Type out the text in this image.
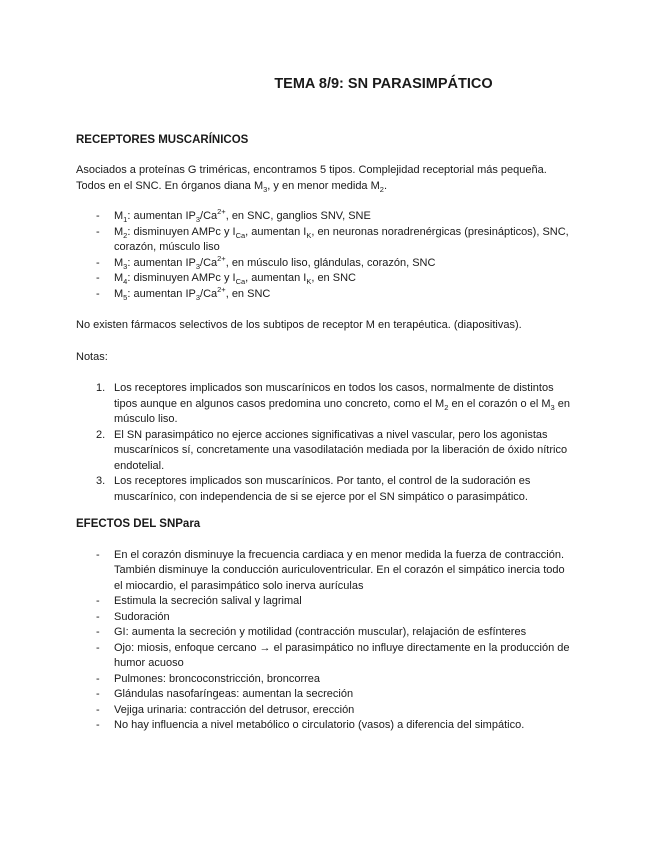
TEMA 8/9: SN PARASIMPÁTICO
RECEPTORES MUSCARÍNICOS

Asociados a proteínas G triméricas, encontramos 5 tipos. Complejidad receptorial más pequeña.

Todos en el SNC. En órganos diana $M_3$, y en menor medida $M_2$.

- $M_1$: aumentan $IP_3/Ca^{2+}$, en SNC, ganglios SNV, SNE
- $M_2$: disminuyen AMPc y $I_{Ca}$, aumentan $I_K$, en neuronas noradrenérgicas (presinápticos), SNC, corazón, músculo liso
- $M_3$: aumentan $IP_3/Ca^{2+}$, en músculo liso, glándulas, corazón, SNC
- $M_4$: disminuyen AMPc y $I_{Ca}$, aumentan $I_K$, en SNC
- $M_5$: aumentan $IP_3/Ca^{2+}$, en SNC

No existen fármacos selectivos de los subtipos de receptor M en terapéutica. (diapositivas).

Notas:

1. Los receptores implicados son muscarínicos en todos los casos, normalmente de distintos tipos aunque en algunos casos predomina uno concreto, como el $M_2$ en el corazón o el $M_3$ en músculo liso.
2. El SN parasimpático no ejerce acciones significativas a nivel vascular, pero los agonistas muscarínicos sí, concretamente una vasodilatación mediada por la liberación de óxido nítrico endotelial.
3. Los receptores implicados son muscarínicos. Por tanto, el control de la sudoración es muscarínico, con independencia de si se ejerce por el SN simpático o parasimpático.
EFECTOS DEL SNPara
- En el corazón disminuye la frecuencia cardiaca y en menor medida la fuerza de contracción. También disminuye la conducción auriculoventricular. En el corazón el simpático inercia todo el miocardio, el parasimpático solo inerva aurículas
- Estimula la secreción salival y lagrimal
- Sudoración
- GI: aumenta la secreción y motilidad (contracción muscular), relajación de esfínteres
- Ojo: miosis, enfoque cercano → el parasimpático no influye directamente en la producción de humor acuoso
- Pulmones: broncoconstricción, broncorrea
- Glándulas nasofaríngeas: aumentan la secreción
- Vejiga urinaria: contracción del detrusor, erección
- No hay influencia a nivel metabólico o circulatorio (vasos) a diferencia del simpático.
